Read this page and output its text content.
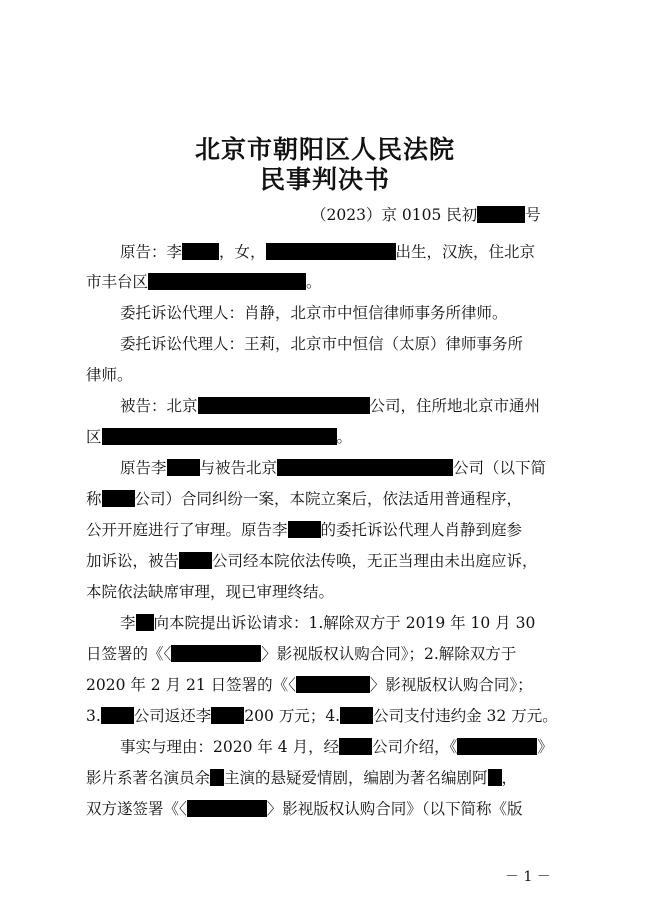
北京市朝阳区人民法院
民事判决书
（2023）京 0105 民初	号
原告：李 ，女，	出生，汉族，住北京
市丰台区	。
委托诉讼代理人：肖静，北京市中恒信律师事务所律师。
委托诉讼代理人：王莉，北京市中恒信（太原）律师事务所
律师。
被告：北京	公司，住所地北京市通州
区	。
原告李 与被告北京	公司（以下简
称 公司）合同纠纷一案，本院立案后，依法适用普通程序，
公开开庭进行了审理。原告李 的委托诉讼代理人肖静到庭参
加诉讼，被告 公司经本院依法传唤，无正当理由未出庭应诉，
本院依法缺席审理，现已审理终结。
李 向本院提出诉讼请求：1.解除双方于 2019 年 10 月 30
日签署的《〈	〉影视版权认购合同》；2.解除双方于
2020 年 2 月 21 日签署的《〈	〉影视版权认购合同》；
3. 公司返还李 200 万元；4. 公司支付违约金 32 万元。
事实与理由：2020 年 4 月，经 公司介绍，《	》
影片系著名演员余 主演的悬疑爱情剧，编剧为著名编剧阿 ，
双方遂签署《〈	〉影视版权认购合同》（以下简称《版
－ 1 －
